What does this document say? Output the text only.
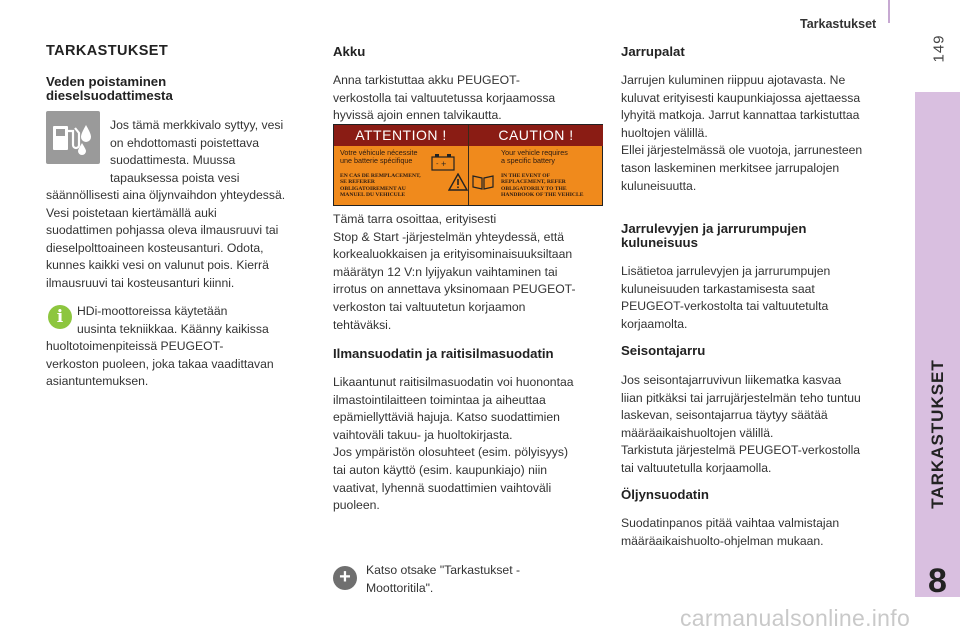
Tarkastukset
149
TARKASTUKSET
Veden poistaminen
dieselsuodattimesta
Jos tämä merkkivalo syttyy, vesi
on ehdottomasti poistettava
suodattimesta. Muussa
tapauksessa poista vesi
säännöllisesti aina öljynvaihdon yhteydessä.
Vesi poistetaan kiertämällä auki
suodattimen pohjassa oleva ilmausruuvi tai
dieselpolttoaineen kosteusanturi. Odota,
kunnes kaikki vesi on valunut pois. Kierrä
ilmausruuvi tai kosteusanturi kiinni.
i	HDi-moottoreissa käytetään
uusinta tekniikkaa. Käänny kaikissa
huoltotoimenpiteissä PEUGEOT-
verkoston puoleen, joka takaa vaadittavan
asiantuntemuksen.
Akku
Anna tarkistuttaa akku PEUGEOT-
verkostolla tai valtuutetussa korjaamossa
hyvissä ajoin ennen talvikautta.
ATTENTION !
Votre véhicule nécessite
une batterie spécifique
EN CAS DE REMPLACEMENT,
SE REFERER
OBLIGATOIREMENT AU
MANUEL DU VEHICULE
- +
CAUTION !
Your vehicle requires
a specific battery
IN THE EVENT OF
REPLACEMENT, REFER
OBLIGATORILY TO THE
HANDBOOK OF THE VEHICLE
Tämä tarra osoittaa, erityisesti
Stop & Start -järjestelmän yhteydessä, että
korkealuokkaisen ja erityisominaisuuksiltaan
määrätyn 12 V:n lyijyakun vaihtaminen tai
irrotus on annettava yksinomaan PEUGEOT-
verkoston tai valtuutetun korjaamon
tehtäväksi.
Ilmansuodatin ja raitisilmasuodatin
Likaantunut raitisilmasuodatin voi huonontaa
ilmastointilaitteen toimintaa ja aiheuttaa
epämiellyttäviä hajuja. Katso suodattimien
vaihtoväli takuu- ja huoltokirjasta.
Jos ympäristön olosuhteet (esim. pölyisyys)
tai auton käyttö (esim. kaupunkiajo) niin
vaativat, lyhennä suodattimien vaihtoväli
puoleen.
+	Katso otsake "Tarkastukset -
Moottoritila".
Jarrupalat
Jarrujen kuluminen riippuu ajotavasta. Ne
kuluvat erityisesti kaupunkiajossa ajettaessa
lyhyitä matkoja. Jarrut kannattaa tarkistuttaa
huoltojen välillä.
Ellei järjestelmässä ole vuotoja, jarrunesteen
tason laskeminen merkitsee jarrupalojen
kuluneisuutta.
Jarrulevyjen ja jarrurumpujen
kuluneisuus
Lisätietoa jarrulevyjen ja jarrurumpujen
kuluneisuuden tarkastamisesta saat
PEUGEOT-verkostolta tai valtuutetulta
korjaamolta.
Seisontajarru
Jos seisontajarruvivun liikematka kasvaa
liian pitkäksi tai jarrujärjestelmän teho tuntuu
laskevan, seisontajarrua täytyy säätää
määräaikaishuoltojen välillä.
Tarkistuta järjestelmä PEUGEOT-verkostolla
tai valtuutetulla korjaamolla.
Öljynsuodatin
Suodatinpanos pitää vaihtaa valmistajan
määräaikaishuolto-ohjelman mukaan.
TARKASTUKSET
8
carmanualsonline.info
